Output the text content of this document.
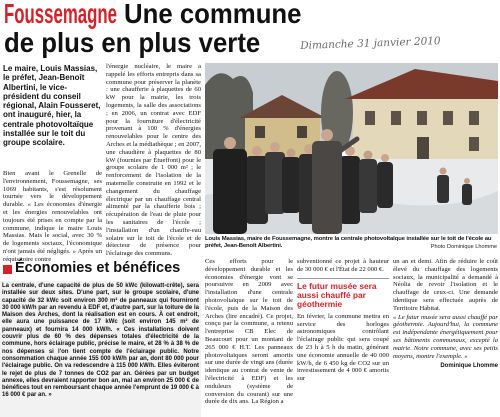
Foussemagne Une commune
de plus en plus verte	Dimanche 31 janvier 2010
Le maire, Louis Massias, le préfet, Jean-Benoît Albertini, le vice-président du conseil régional, Alain Fousseret, ont inauguré, hier, la centrale photovoltaïque installée sur le toit du groupe scolaire.

Bien avant le Grenelle de l'environnement, Foussemagne, ses 1069 habitants, s'est résolument tournée vers le développement durable. « Les économies d'énergie et les énergies renouvelables ont toujours été prises en compte par la commune, indique le maire Louis Massias. Mais le social, avec 30 % de logements sociaux, l'économique n'ont jamais été négligés. » Après un réquisitoire contre

l'énergie nucléaire, le maire a rappelé les efforts entrepris dans sa commune pour préserver la planète : une chaufferie à plaquettes de 60 kW pour la mairie, les trois logements, la salle des associations ; en 2006, un contrat avec EDF pour la fourniture d'électricité provenant à 100 % d'énergies renouvelables pour le centre des Arches et la médiathèque ; en 2007, une chaudière à plaquettes de 80 kW (fournies par Étueffont) pour le groupe scolaire de 1 000 m² ; le renforcement de l'isolation de la maternelle construite en 1992 et le changement du chauffage électrique par un chauffage central alimenté par la chaufferie bois ; récupération de l'eau de pluie pour les sanitaires de l'école ; l'installation d'un chauffe-eau solaire sur le toit de l'école et de détecteur de présence pour l'éclairage des communs.

Louis Massias, maire de Foussemagne, montre la centrale photovoltaïque installée sur le toit de l'école au préfet, Jean-Benoît Albertini.	Photo Dominique Lhomme
Économies et bénéfices
La centrale, d'une capacité de plus de 50 kWc (kilowatt-crête), sera installée sur deux sites. D'une part, sur le groupe scolaire, d'une capacité de 32 kWc soit environ 300 m² de panneaux qui fourniront 30 000 kW/h par an revendu à EDF et, d'autre part, sur la toiture de la Maison des Arches, dont la réalisation est en cours. À cet endroit, elle aura une puissance de 17 kWc (soit environ 145 m² de panneaux) et fournira 14 000 kW/h. « Ces installations doivent couvrir plus de 60 % des dépenses totales d'électricité de la commune, hors éclairage public, précise le maire, et 28 % à 38 % de nos dépenses si l'on tient compte de l'éclairage public. Notre consommation chaque année 155 000 kW/h par an, dont 80 000 pour l'éclairage public. On va redescendre à 115 000 kW/h. Elles éviteront le rejet de plus de 7 tonnes de CO2 par an. Gérées par un budget annexe, elles devraient rapporter bon an, mal an environ 25 000 € de bénéfices tout en remboursant chaque année l'emprunt de 19 000 € à 16 000 € par an. »

Ces efforts pour le développement durable et les économies d'énergie vont se poursuivre en 2009 avec l'installation d'une centrale photovoltaïque sur le toit de l'école, puis de la Maison des Arches (lire encadré). Ce projet, conçu par la commune, a retenu l'entreprise CB Elec de Beaucourt pour un montant de 265 000 € H.T. Les panneaux photovoltaïques seront amortis sur une durée de vingt ans (durée identique au contrat de vente de l'électricité à EDF) et les onduleurs (système de conversion du courant) sur une durée de dix ans. La Région a

subventionné ce projet à hauteur de 30 000 € et l'État de 22 000 €.

Le futur musée sera aussi chauffé par géothermie

En février, la commune mettra en service des horloges astronomiques contrôlant l'éclairage public qui sera coupé de 23 h à 5 h du matin, générant une économie annuelle de 40 000 kW/h, de 6 450 kg de CO2 sur un investissement de 4 000 € amortis sur

un an et demi. Afin de réduire le coût élevé du chauffage des logements sociaux, la municipalité a demandé à Néolia de revoir l'isolation et le chauffage de ceux-ci. Une demande identique sera effectuée auprès de Territoire Habitat.

« Le futur musée sera aussi chauffé par géothermie. Aujourd'hui, la commune est indépendante énergétiquement pour ses bâtiments communaux, excepté la mairie. Notre commune, avec ses petits moyens, montre l'exemple. »
Dominique Lhomme
